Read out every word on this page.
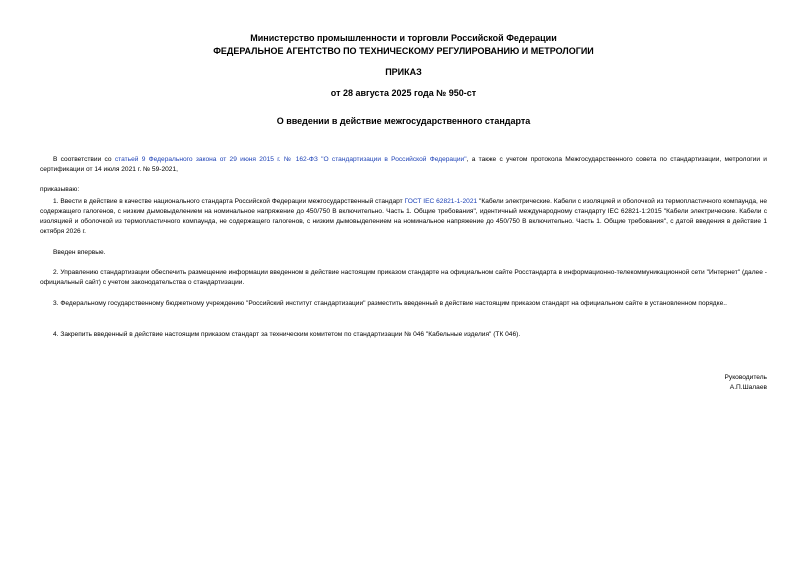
Министерство промышленности и торговли Российской Федерации
ФЕДЕРАЛЬНОЕ АГЕНТСТВО ПО ТЕХНИЧЕСКОМУ РЕГУЛИРОВАНИЮ И МЕТРОЛОГИИ
ПРИКАЗ
от 28 августа 2025 года № 950-ст
О введении в действие межгосударственного стандарта
В соответствии со статьей 9 Федерального закона от 29 июня 2015 г. № 162-ФЗ "О стандартизации в Российской Федерации", а также с учетом протокола Межгосударственного совета по стандартизации, метрологии и сертификации от 14 июля 2021 г. № 59-2021,
приказываю:
1. Ввести в действие в качестве национального стандарта Российской Федерации межгосударственный стандарт ГОСТ IEC 62821-1-2021 "Кабели электрические. Кабели с изоляцией и оболочкой из термопластичного компаунда, не содержащего галогенов, с низким дымовыделением на номинальное напряжение до 450/750 В включительно. Часть 1. Общие требования", идентичный международному стандарту IEC 62821-1:2015 "Кабели электрические. Кабели с изоляцией и оболочкой из термопластичного компаунда, не содержащего галогенов, с низким дымовыделением на номинальное напряжение до 450/750 В включительно. Часть 1. Общие требования", с датой введения в действие 1 октября 2026 г.
Введен впервые.
2. Управлению стандартизации обеспечить размещение информации введенном в действие настоящим приказом стандарте на официальном сайте Росстандарта в информационно-телекоммуникационной сети "Интернет" (далее - официальный сайт) с учетом законодательства о стандартизации.
3. Федеральному государственному бюджетному учреждению "Российский институт стандартизации" разместить введенный в действие настоящим приказом стандарт на официальном сайте в установленном порядке..
4. Закрепить введенный в действие настоящим приказом стандарт за техническим комитетом по стандартизации № 046 "Кабельные изделия" (ТК 046).
Руководитель
А.П.Шалаев
